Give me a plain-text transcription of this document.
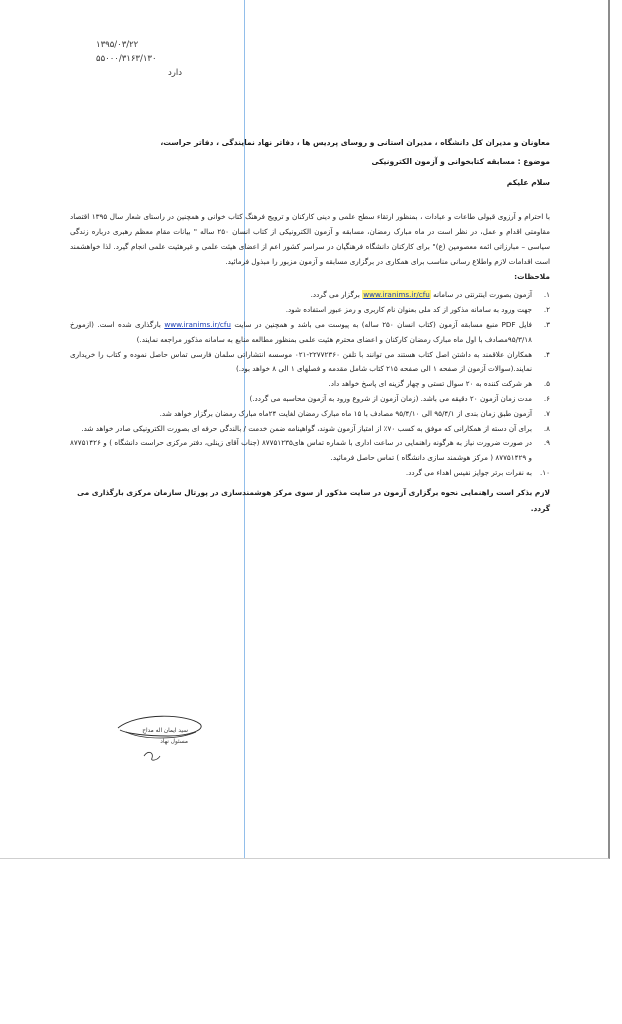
۱۳۹۵/۰۳/۲۲
۵۵۰۰۰/۳۱۶۳/۱۳۰
دارد
معاونان و مدیران کل دانشگاه ، مدیران استانی و روسای پردیس ها ، دفاتر نهاد نمایندگی ، دفاتر حراست،
موضوع : مسابقه کتابخوانی و آزمون الکترونیکی
سلام علیکم
با احترام و آرزوی قبولی طاعات و عبادات ، بمنظور ارتقاء سطح علمی و دینی کارکنان و ترویج فرهنگ کتاب خوانی و همچنین در راستای شعار سال ۱۳۹۵ اقتصاد مقاومتی اقدام و عمل، در نظر است در ماه مبارک رمضان، مسابقه و آزمون الکترونیکی از کتاب انسان ۲۵۰ ساله " بیانات مقام معظم رهبری درباره زندگی سیاسی – مبارزاتی ائمه معصومین (ع)" برای کارکنان دانشگاه فرهنگیان در سراسر کشور اعم از اعضای هیئت علمی و غیرهئیت علمی انجام گیرد. لذا خواهشمند است اقدامات لازم واطلاع رسانی مناسب برای همکاری در برگزاری مسابقه و آزمون مزبور را مبذول فرمائید.
ملاحظات:
۱.
آزمون بصورت اینترنتی در سامانه www.iranims.ir/cfu برگزار می گردد.
۲.
جهت ورود به سامانه مذکور از کد ملی بعنوان نام کاربری و رمز عبور استفاده شود.
۳.
فایل PDF منبع مسابقه آزمون (کتاب انسان ۲۵۰ ساله) به پیوست می باشد و همچنین در سایت www.iranims.ir/cfu بارگذاری شده است. (ازمورخ ۹۵/۳/۱۸مصادف با اول ماه مبارک رمضان کارکنان و اعضای محترم هئیت علمی بمنظور مطالعه منابع به سامانه مذکور مراجعه نمایند.)
۴.
همکاران علاقمند به داشتن اصل کتاب هستند می توانند با تلفن ۲۲۷۷۲۳۶۰-۰۲۱ موسسه انتشاراتی سلمان فارسی تماس حاصل نموده و کتاب را خریداری نمایند.(سوالات آزمون از صفحه ۱ الی صفحه ۲۱۵ کتاب شامل مقدمه و فصلهای ۱ الی ۸ خواهد بود.)
۵.
هر شرکت کننده به ۲۰ سوال تستی و چهار گزینه ای پاسخ خواهد داد.
۶.
مدت زمان آزمون ۲۰ دقیقه می باشد. (زمان آزمون از شروع ورود به آزمون محاسبه می گردد.)
۷.
آزمون طبق زمان بندی از ۹۵/۴/۱ الی ۹۵/۴/۱۰ مصادف با ۱۵ ماه مبارک رمضان لغایت ۲۴ماه مبارک رمضان برگزار خواهد شد.
۸.
برای آن دسته از همکارانی که موفق به کسب ۷۰٪ از امتیاز آزمون شوند، گواهینامه ضمن خدمت / بالندگی حرفه ای بصورت الکترونیکی صادر خواهد شد.
۹.
در صورت ضرورت نیاز به هرگونه راهنمایی در ساعت اداری با شماره تماس های۸۷۷۵۱۲۳۵ (جناب آقای زینلی، دفتر مرکزی حراست دانشگاه ) و ۸۷۷۵۱۴۲۶ و ۸۷۷۵۱۴۲۹ ( مرکز هوشمند سازی دانشگاه ) تماس حاصل فرمائید.
۱۰.
به نفرات برتر جوایز نفیس اهداء می گردد.
لازم بذکر است راهنمایی نحوه برگزاری آزمون در سایت مذکور از سوی مرکز هوشمندسازی در پورتال سازمان مرکزی بارگذاری می گردد.
سید ایمان اله مداح
مسئول نهاد
